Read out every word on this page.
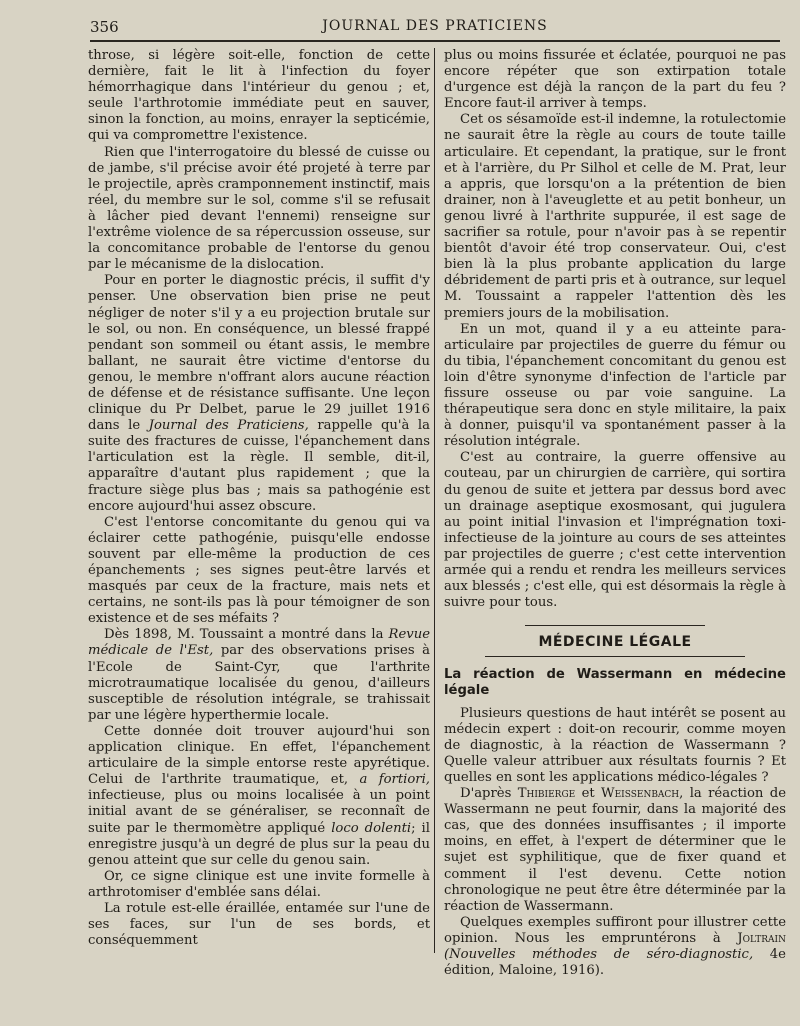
356	JOURNAL DES PRATICIENS

throse, si légère soit-elle, fonction de cette dernière, fait le lit à l'infection du foyer hémorrhagique dans l'intérieur du genou ; et, seule l'arthrotomie immédiate peut en sauver, sinon la fonction, au moins, enrayer la septicémie, qui va compromettre l'existence.

Rien que l'interrogatoire du blessé de cuisse ou de jambe, s'il précise avoir été projeté à terre par le projectile, après cramponnement instinctif, mais réel, du membre sur le sol, comme s'il se refusait à lâcher pied devant l'ennemi) renseigne sur l'extrême violence de sa répercussion osseuse, sur la concomitance probable de l'entorse du genou par le mécanisme de la dislocation.

Pour en porter le diagnostic précis, il suffit d'y penser. Une observation bien prise ne peut négliger de noter s'il y a eu projection brutale sur le sol, ou non. En conséquence, un blessé frappé pendant son sommeil ou étant assis, le membre ballant, ne saurait être victime d'entorse du genou, le membre n'offrant alors aucune réaction de défense et de résistance suffisante. Une leçon clinique du Pr Delbet, parue le 29 juillet 1916 dans le Journal des Praticiens, rappelle qu'à la suite des fractures de cuisse, l'épanchement dans l'articulation est la règle. Il semble, dit-il, apparaître d'autant plus rapidement ; que la fracture siège plus bas ; mais sa pathogénie est encore aujourd'hui assez obscure.

C'est l'entorse concomitante du genou qui va éclairer cette pathogénie, puisqu'elle endosse souvent par elle-même la production de ces épanchements ; ses signes peut-être larvés et masqués par ceux de la fracture, mais nets et certains, ne sont-ils pas là pour témoigner de son existence et de ses méfaits ?

Dès 1898, M. Toussaint a montré dans la Revue médicale de l'Est, par des observations prises à l'Ecole de Saint-Cyr, que l'arthrite microtraumatique localisée du genou, d'ailleurs susceptible de résolution intégrale, se trahissait par une légère hyperthermie locale.

Cette donnée doit trouver aujourd'hui son application clinique. En effet, l'épanchement articulaire de la simple entorse reste apyrétique. Celui de l'arthrite traumatique, et, a fortiori, infectieuse, plus ou moins localisée à un point initial avant de se généraliser, se reconnaît de suite par le thermomètre appliqué loco dolenti; il enregistre jusqu'à un degré de plus sur la peau du genou atteint que sur celle du genou sain.

Or, ce signe clinique est une invite formelle à arthrotomiser d'emblée sans délai.

La rotule est-elle éraillée, entamée sur l'une de ses faces, sur l'un de ses bords, et conséquemment

plus ou moins fissurée et éclatée, pourquoi ne pas encore répéter que son extirpation totale d'urgence est déjà la rançon de la part du feu ? Encore faut-il arriver à temps.

Cet os sésamoïde est-il indemne, la rotulectomie ne saurait être la règle au cours de toute taille articulaire. Et cependant, la pratique, sur le front et à l'arrière, du Pr Silhol et celle de M. Prat, leur a appris, que lorsqu'on a la prétention de bien drainer, non à l'aveuglette et au petit bonheur, un genou livré à l'arthrite suppurée, il est sage de sacrifier sa rotule, pour n'avoir pas à se repentir bientôt d'avoir été trop conservateur. Oui, c'est bien là la plus probante application du large débridement de parti pris et à outrance, sur lequel M. Toussaint a rappeler l'attention dès les premiers jours de la mobilisation.

En un mot, quand il y a eu atteinte para-articulaire par projectiles de guerre du fémur ou du tibia, l'épanchement concomitant du genou est loin d'être synonyme d'infection de l'article par fissure osseuse ou par voie sanguine. La thérapeutique sera donc en style militaire, la paix à donner, puisqu'il va spontanément passer à la résolution intégrale.

C'est au contraire, la guerre offensive au couteau, par un chirurgien de carrière, qui sortira du genou de suite et jettera par dessus bord avec un drainage aseptique exosmosant, qui jugulera au point initial l'invasion et l'imprégnation toxi-infectieuse de la jointure au cours de ses atteintes par projectiles de guerre ; c'est cette intervention armée qui a rendu et rendra les meilleurs services aux blessés ; c'est elle, qui est désormais la règle à suivre pour tous.

MÉDECINE LÉGALE

La réaction de Wassermann en médecine légale

Plusieurs questions de haut intérêt se posent au médecin expert : doit-on recourir, comme moyen de diagnostic, à la réaction de Wassermann ? Quelle valeur attribuer aux résultats fournis ? Et quelles en sont les applications médico-légales ?

D'après Thibierge et Weissenbach, la réaction de Wassermann ne peut fournir, dans la majorité des cas, que des données insuffisantes ; il importe moins, en effet, à l'expert de déterminer que le sujet est syphilitique, que de fixer quand et comment il l'est devenu. Cette notion chronologique ne peut être être déterminée par la réaction de Wassermann.

Quelques exemples suffiront pour illustrer cette opinion. Nous les empruntérons à Joltrain (Nouvelles méthodes de séro-diagnostic, 4e édition, Maloine, 1916).
